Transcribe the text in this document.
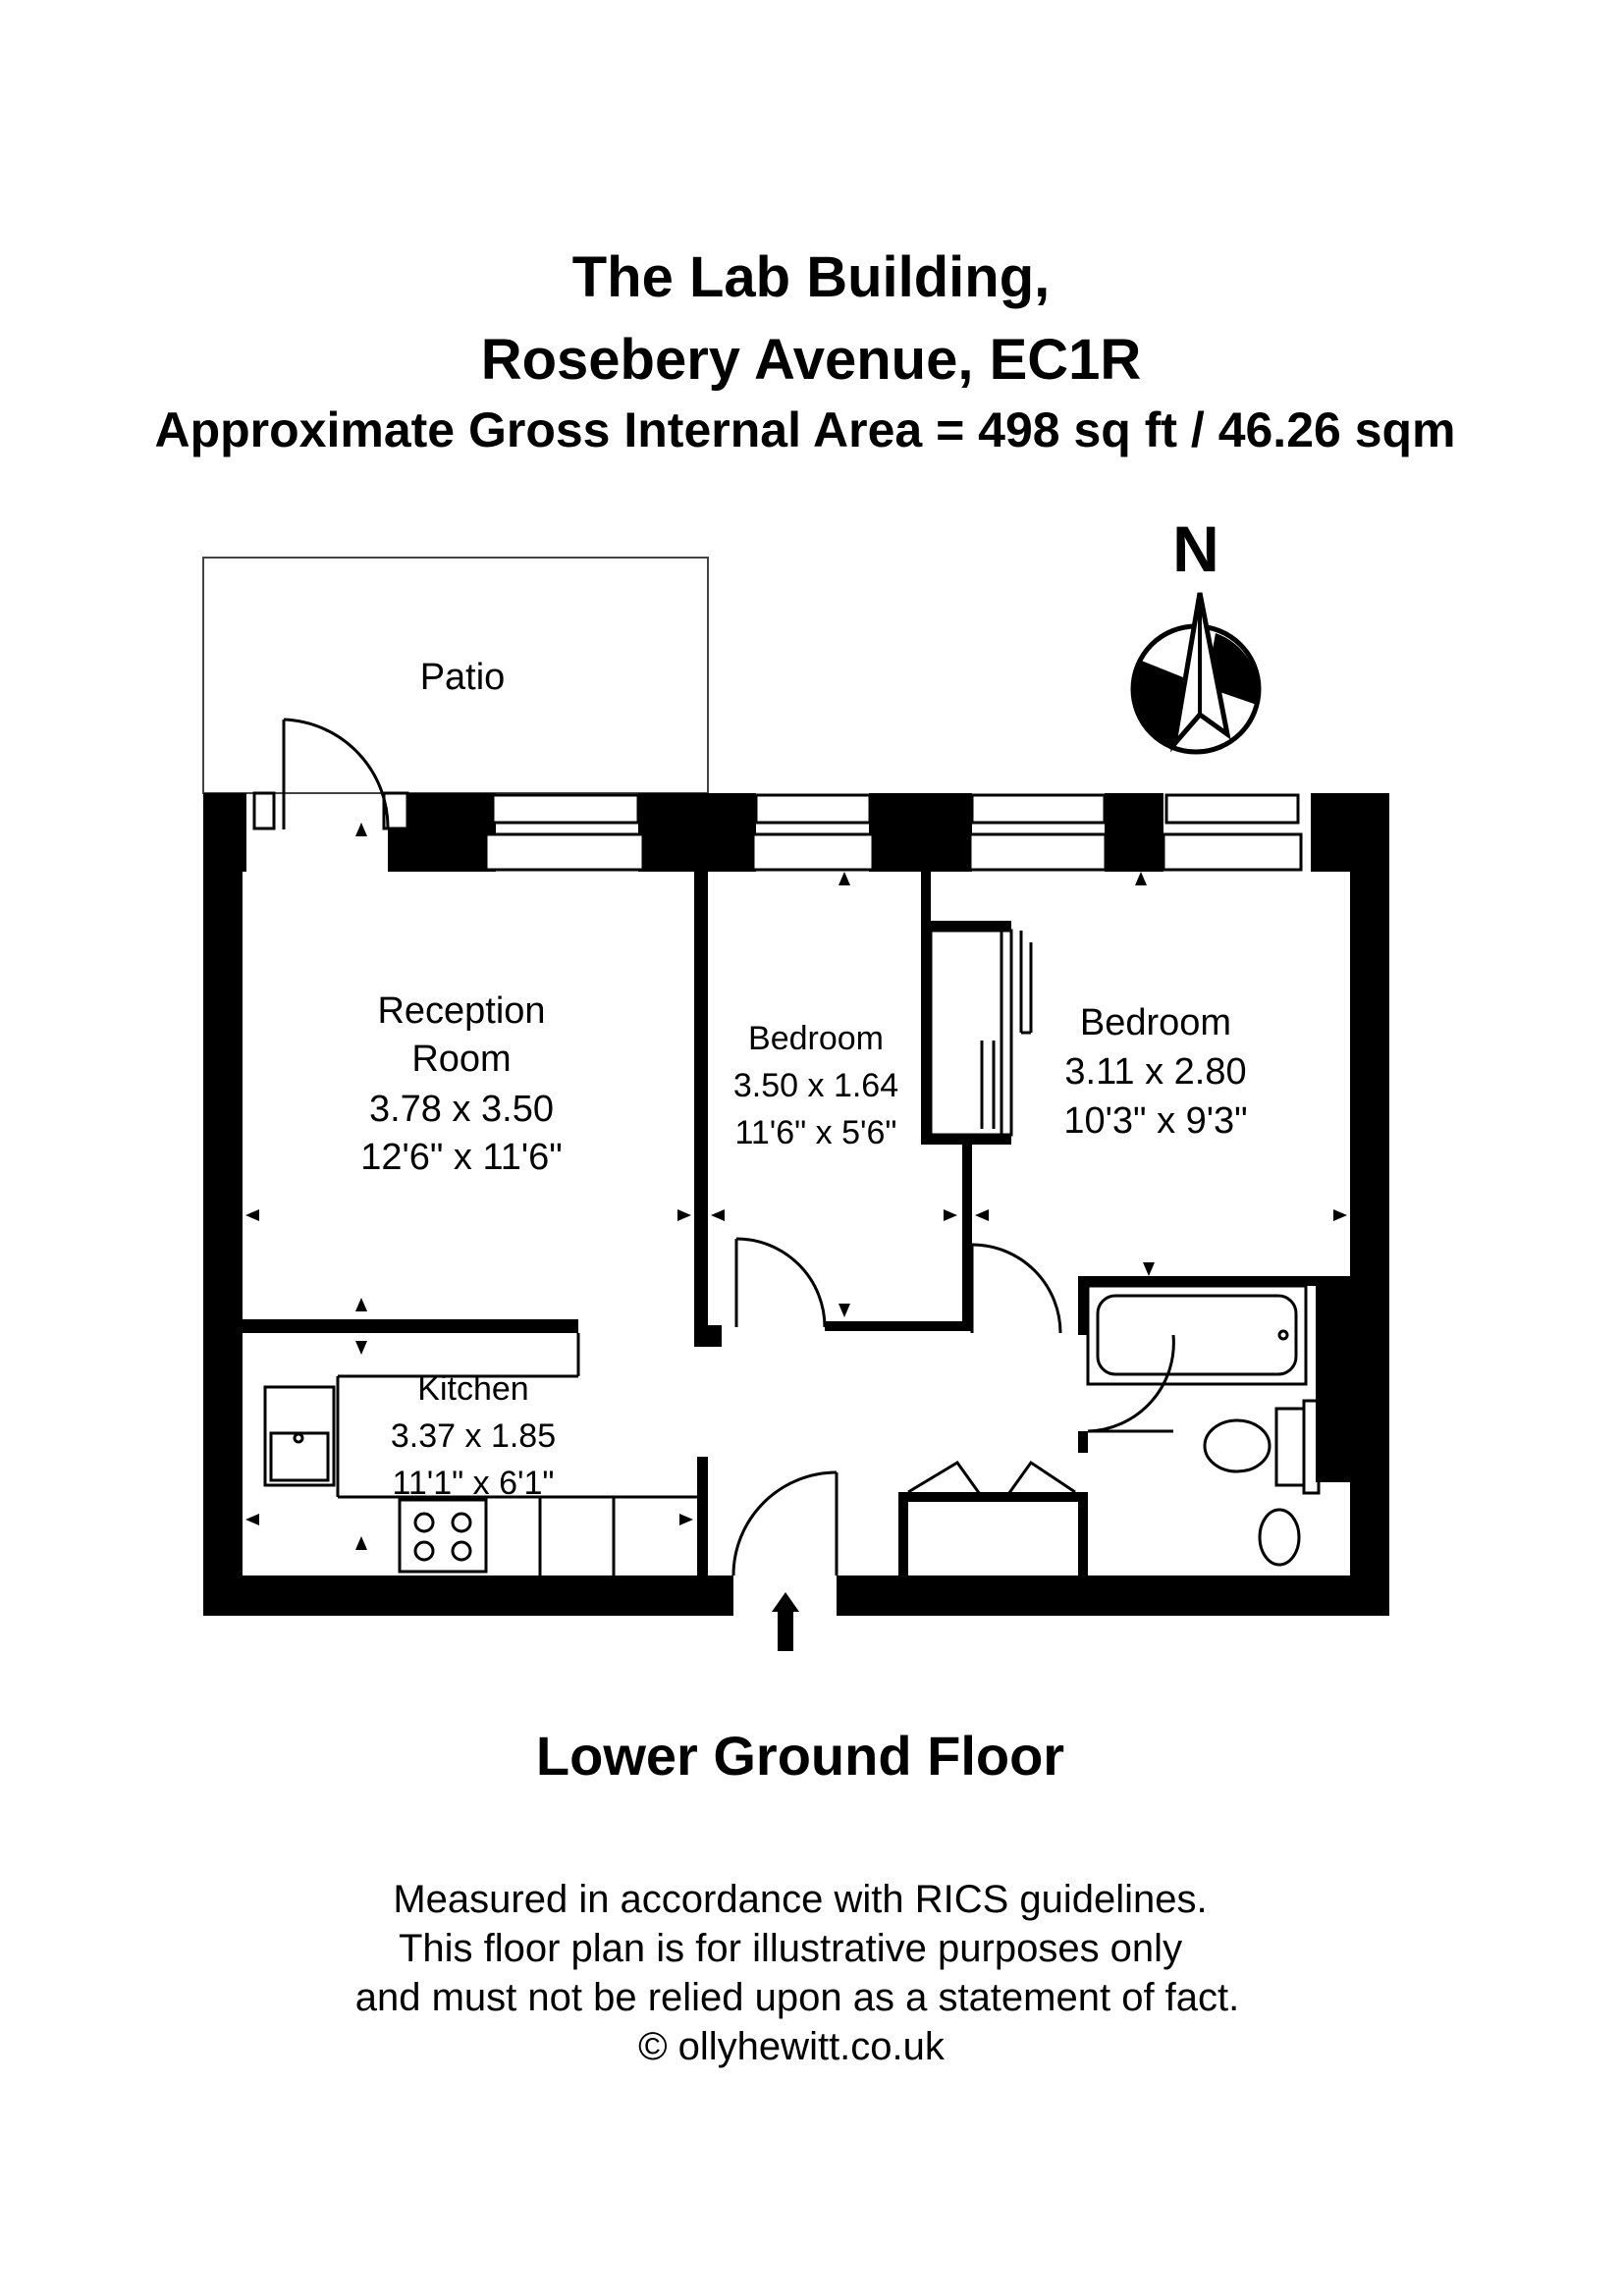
The Lab Building,
Rosebery Avenue, EC1R
Approximate Gross Internal Area = 498 sq ft / 46.26 sqm
N
Patio
Reception
Room
3.78 x 3.50
12'6" x 11'6"
Bedroom
3.50 x 1.64
11'6" x 5'6"
Bedroom
3.11 x 2.80
10'3" x 9'3"
Kitchen
3.37 x 1.85
11'1" x 6'1"
Lower Ground Floor
Measured in accordance with RICS guidelines.
This floor plan is for illustrative purposes only
and must not be relied upon as a statement of fact.
© ollyhewitt.co.uk
